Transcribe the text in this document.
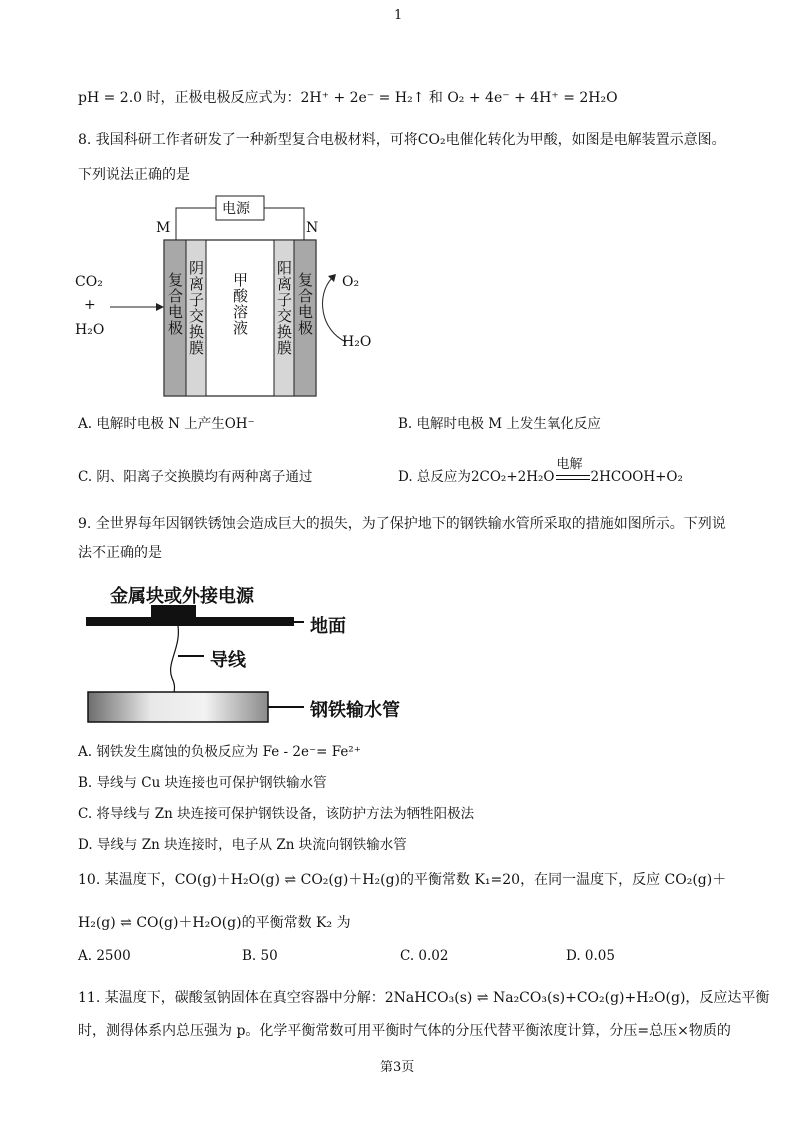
1
pH = 2.0 时，正极电极反应式为：2H⁺ + 2e⁻ = H₂↑ 和 O₂ + 4e⁻ + 4H⁺ = 2H₂O
8. 我国科研工作者研发了一种新型复合电极材料，可将CO₂电催化转化为甲酸，如图是电解装置示意图。
下列说法正确的是
电源
M	N
CO₂
+
H₂O	复合电极 阴离子交换膜 甲酸溶液 阳离子交换膜 复合电极 O₂
H₂O
A. 电解时电极 N 上产生OH⁻	B. 电解时电极 M 上发生氧化反应
C. 阴、阳离子交换膜均有两种离子通过	D. 总反应为2CO₂+2H₂O
电解
2HCOOH+O₂
9. 全世界每年因钢铁锈蚀会造成巨大的损失，为了保护地下的钢铁输水管所采取的措施如图所示。下列说
法不正确的是
金属块或外接电源
地面
导线
钢铁输水管
A. 钢铁发生腐蚀的负极反应为 Fe - 2e⁻= Fe²⁺
B. 导线与 Cu 块连接也可保护钢铁输水管
C. 将导线与 Zn 块连接可保护钢铁设备，该防护方法为牺牲阳极法
D. 导线与 Zn 块连接时，电子从 Zn 块流向钢铁输水管
10. 某温度下，CO(g)＋H₂O(g) ⇌ CO₂(g)＋H₂(g)的平衡常数 K₁=20，在同一温度下，反应 CO₂(g)＋
H₂(g) ⇌ CO(g)＋H₂O(g)的平衡常数 K₂ 为
A. 2500	B. 50	C. 0.02	D. 0.05
11. 某温度下，碳酸氢钠固体在真空容器中分解：2NaHCO₃(s) ⇌ Na₂CO₃(s)+CO₂(g)+H₂O(g)，反应达平衡
时，测得体系内总压强为 p。化学平衡常数可用平衡时气体的分压代替平衡浓度计算，分压=总压×物质的
第3页
